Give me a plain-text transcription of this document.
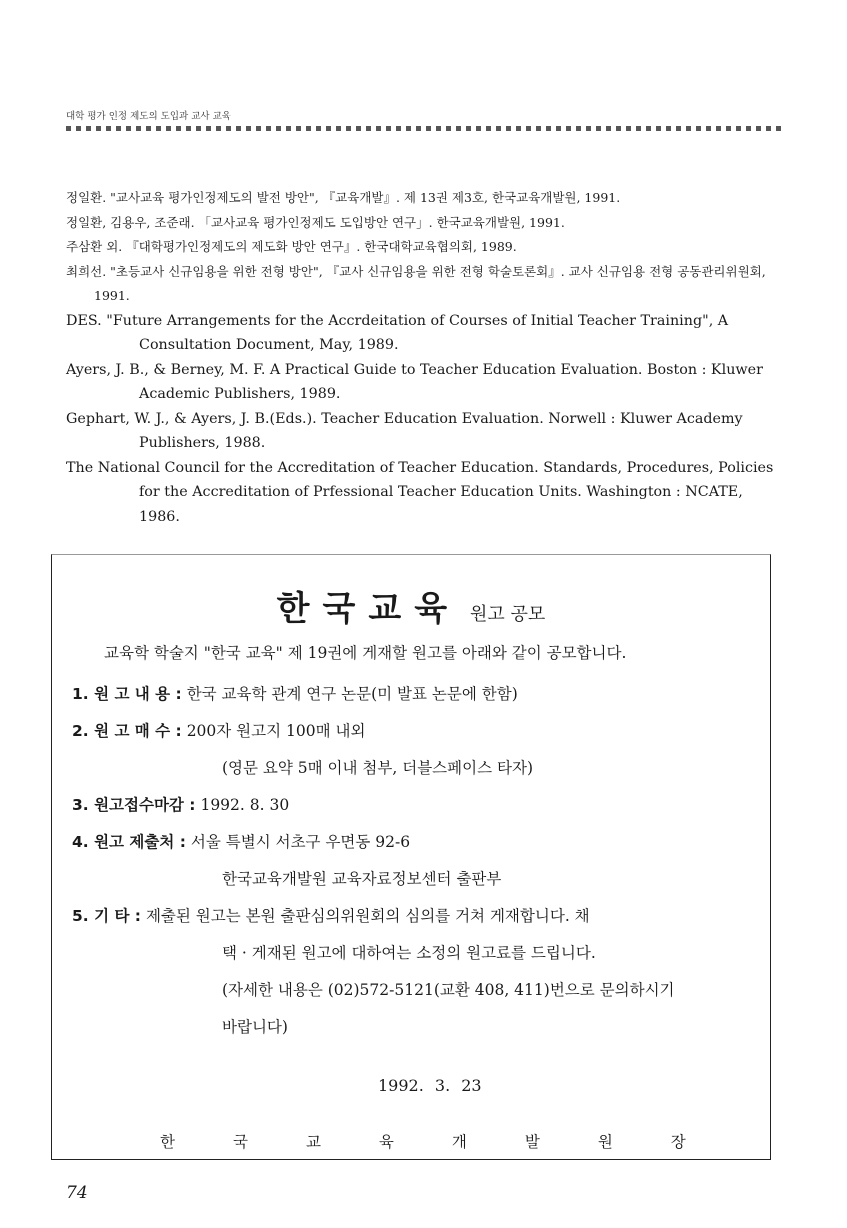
대학 평가 인정 제도의 도입과 교사 교육
정일환. "교사교육 평가인정제도의 발전 방안", 『교육개발』. 제 13권 제3호, 한국교육개발원, 1991.
정일환, 김용우, 조준래. 「교사교육 평가인정제도 도입방안 연구」. 한국교육개발원, 1991.
주삼환 외. 『대학평가인정제도의 제도화 방안 연구』. 한국대학교육협의회, 1989.
최희선. "초등교사 신규임용을 위한 전형 방안", 『교사 신규임용을 위한 전형 학술토론회』. 교사 신규임용 전형 공동관리위원회, 1991.
DES. "Future Arrangements for the Accrdeitation of Courses of Initial Teacher Training", A Consultation Document, May, 1989.
Ayers, J. B., & Berney, M. F. A Practical Guide to Teacher Education Evaluation. Boston : Kluwer Academic Publishers, 1989.
Gephart, W. J., & Ayers, J. B.(Eds.). Teacher Education Evaluation. Norwell : Kluwer Academy Publishers, 1988.
The National Council for the Accreditation of Teacher Education. Standards, Procedures, Policies for the Accreditation of Prfessional Teacher Education Units. Washington : NCATE, 1986.
한국교육 원고 공모
교육학 학술지 "한국 교육" 제 19권에 게재할 원고를 아래와 같이 공모합니다.
1. 원 고 내 용 : 한국 교육학 관계 연구 논문(미 발표 논문에 한함)
2. 원 고 매 수 : 200자 원고지 100매 내외
(영문 요약 5매 이내 첨부, 더블스페이스 타자)
3. 원고접수마감 : 1992. 8. 30
4. 원고 제출처 : 서울 특별시 서초구 우면동 92-6
한국교육개발원 교육자료정보센터 출판부
5. 기 타 : 제출된 원고는 본원 출판심의위원회의 심의를 거쳐 게재합니다. 채
택 · 게재된 원고에 대하여는 소정의 원고료를 드립니다.
(자세한 내용은 (02)572-5121(교환 408, 411)번으로 문의하시기
바랍니다)
1992. 3. 23
한국교육개발원장
74
